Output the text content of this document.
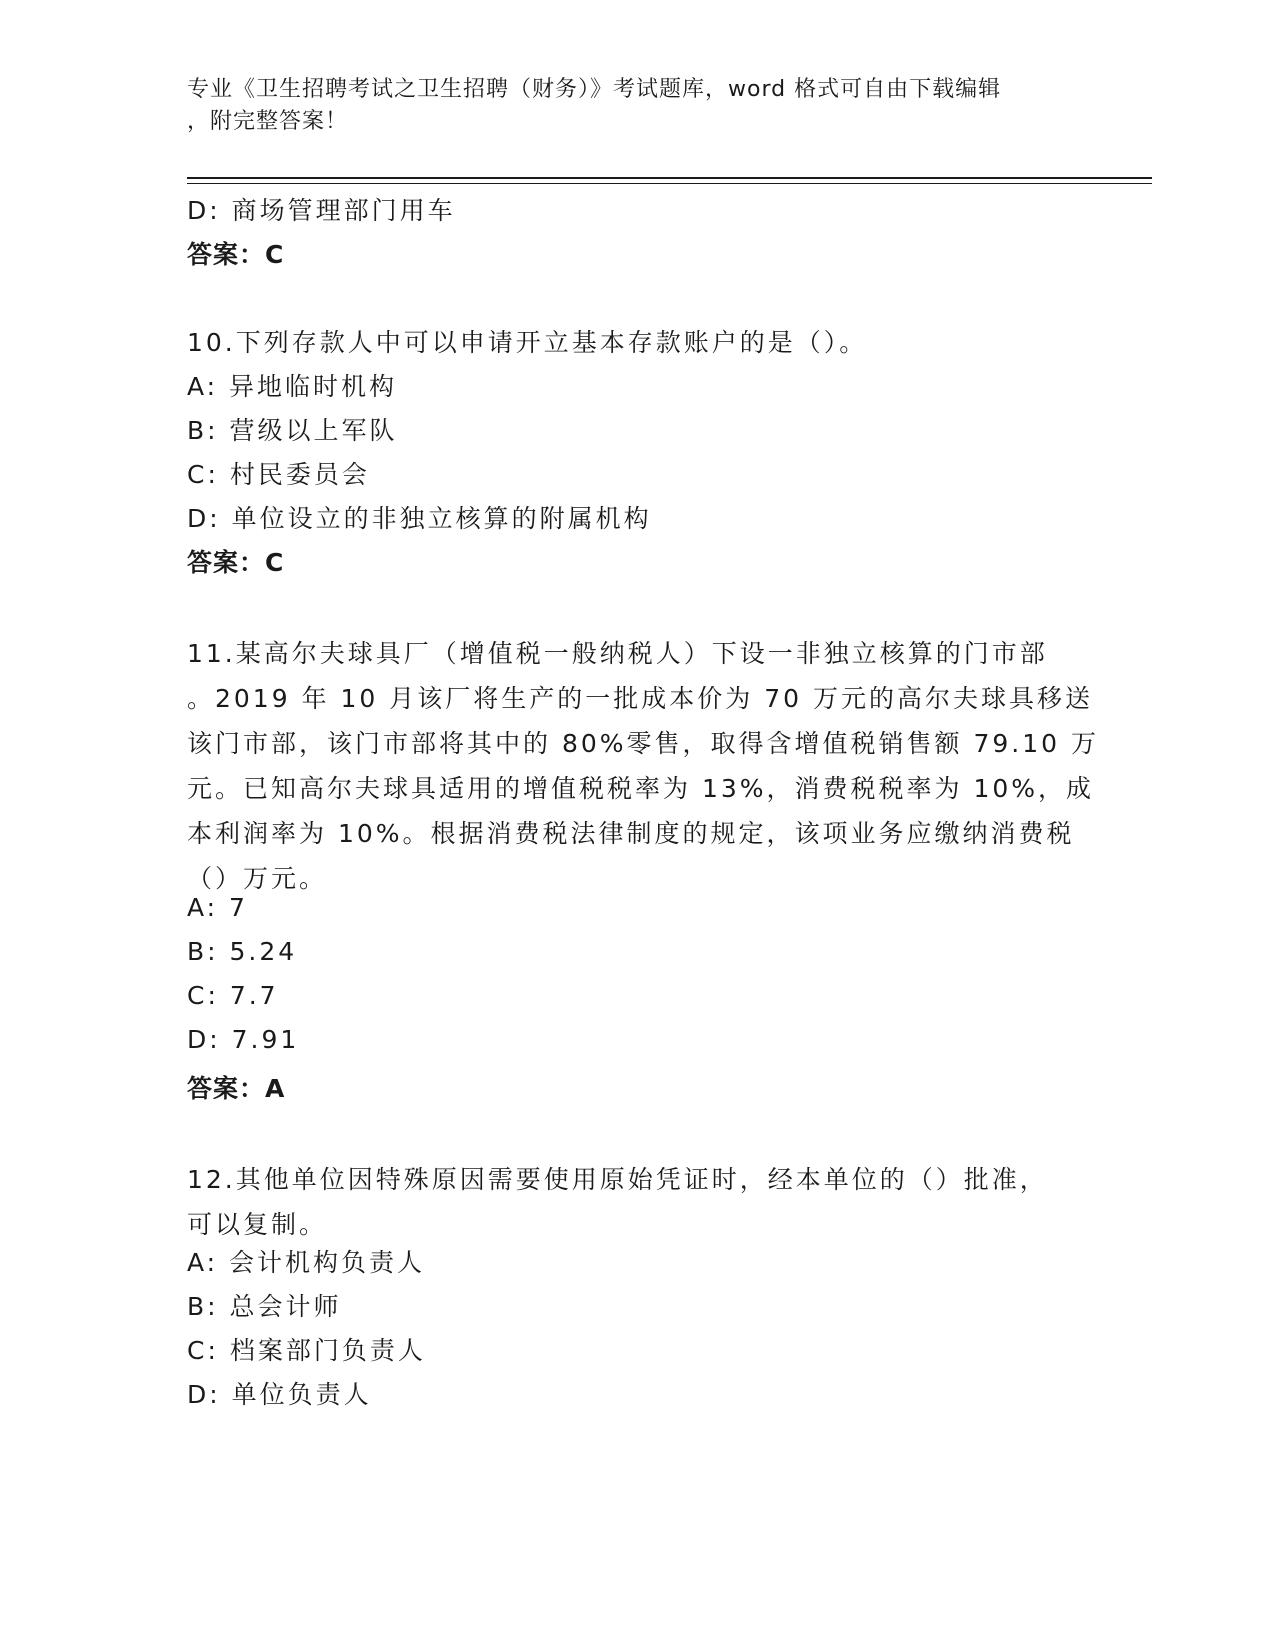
专业《卫生招聘考试之卫生招聘（财务）》考试题库，word 格式可自由下载编辑
，附完整答案！
D: 商场管理部门用车
答案：C
10.下列存款人中可以申请开立基本存款账户的是（）。
A: 异地临时机构
B: 营级以上军队
C: 村民委员会
D: 单位设立的非独立核算的附属机构
答案：C
11.某高尔夫球具厂（增值税一般纳税人）下设一非独立核算的门市部
。2019 年 10 月该厂将生产的一批成本价为 70 万元的高尔夫球具移送
该门市部，该门市部将其中的 80%零售，取得含增值税销售额 79.10 万
元。已知高尔夫球具适用的增值税税率为 13%，消费税税率为 10%，成
本利润率为 10%。根据消费税法律制度的规定，该项业务应缴纳消费税
（）万元。
A: 7
B: 5.24
C: 7.7
D: 7.91
答案：A
12.其他单位因特殊原因需要使用原始凭证时，经本单位的（）批准，
可以复制。
A: 会计机构负责人
B: 总会计师
C: 档案部门负责人
D: 单位负责人
